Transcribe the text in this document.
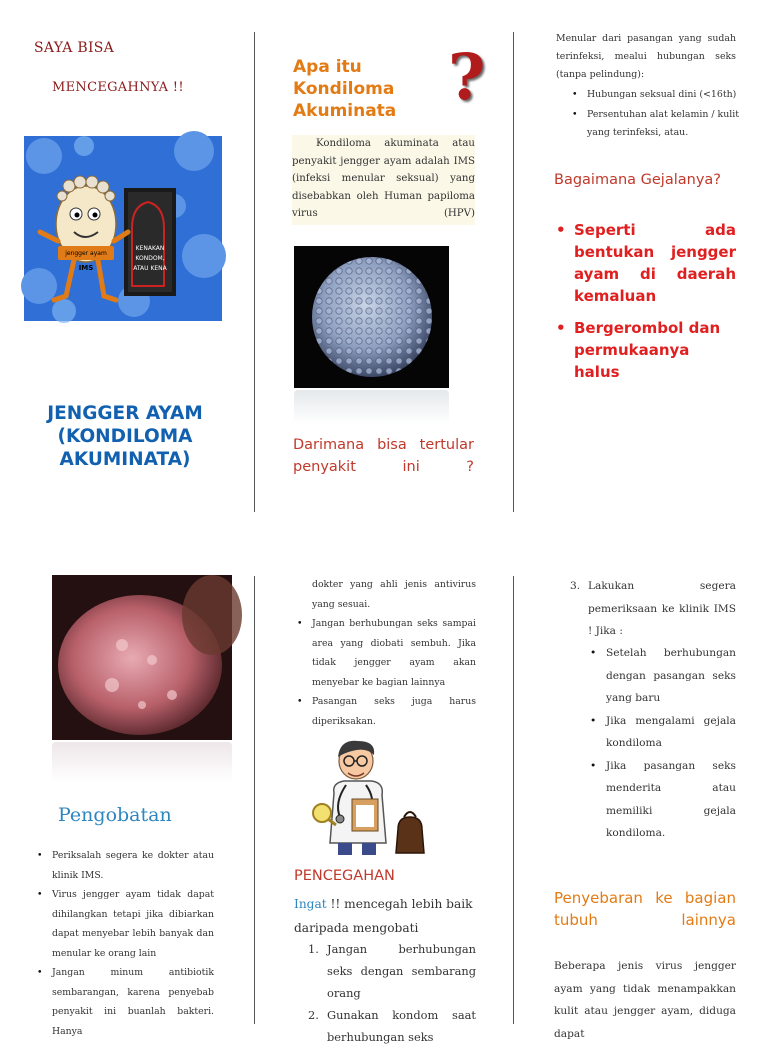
SAYA BISA
MENCEGAHNYA !!
KENAKAN
KONDOM,
ATAU KENA
jengger ayam
IMS
JENGGER AYAM (KONDILOMA AKUMINATA)
Apa itu Kondiloma Akuminata ?
Kondiloma akuminata atau penyakit jengger ayam adalah IMS (infeksi menular seksual) yang disebabkan oleh Human papiloma virus (HPV)
Darimana bisa tertular penyakit ini ?
Menular dari pasangan yang sudah terinfeksi, mealui hubungan seks (tanpa pelindung):
• Hubungan seksual dini (<16th)
• Persentuhan alat kelamin / kulit yang terinfeksi, atau.
Bagaimana Gejalanya?
• Seperti ada bentukan jengger ayam di daerah kemaluan
• Bergerombol dan permukaanya halus
Pengobatan
• Periksalah segera ke dokter atau klinik IMS.
• Virus jengger ayam tidak dapat dihilangkan tetapi jika dibiarkan dapat menyebar lebih banyak dan menular ke orang lain
• Jangan minum antibiotik sembarangan, karena penyebab penyakit ini buanlah bakteri. Hanya
dokter yang ahli jenis antivirus yang sesuai.
• Jangan berhubungan seks sampai area yang diobati sembuh. Jika tidak jengger ayam akan menyebar ke bagian lainnya
• Pasangan seks juga harus diperiksakan.
PENCEGAHAN
Ingat !! mencegah lebih baik daripada mengobati
1. Jangan berhubungan seks dengan sembarang orang
2. Gunakan kondom saat berhubungan seks
3. Lakukan segera pemeriksaan ke klinik IMS ! Jika :
• Setelah berhubungan dengan pasangan seks yang baru
• Jika mengalami gejala kondiloma
• Jika pasangan seks menderita atau memiliki gejala kondiloma.
Penyebaran ke bagian tubuh lainnya
Beberapa jenis virus jengger ayam yang tidak menampakkan kulit atau jengger ayam, diduga dapat
